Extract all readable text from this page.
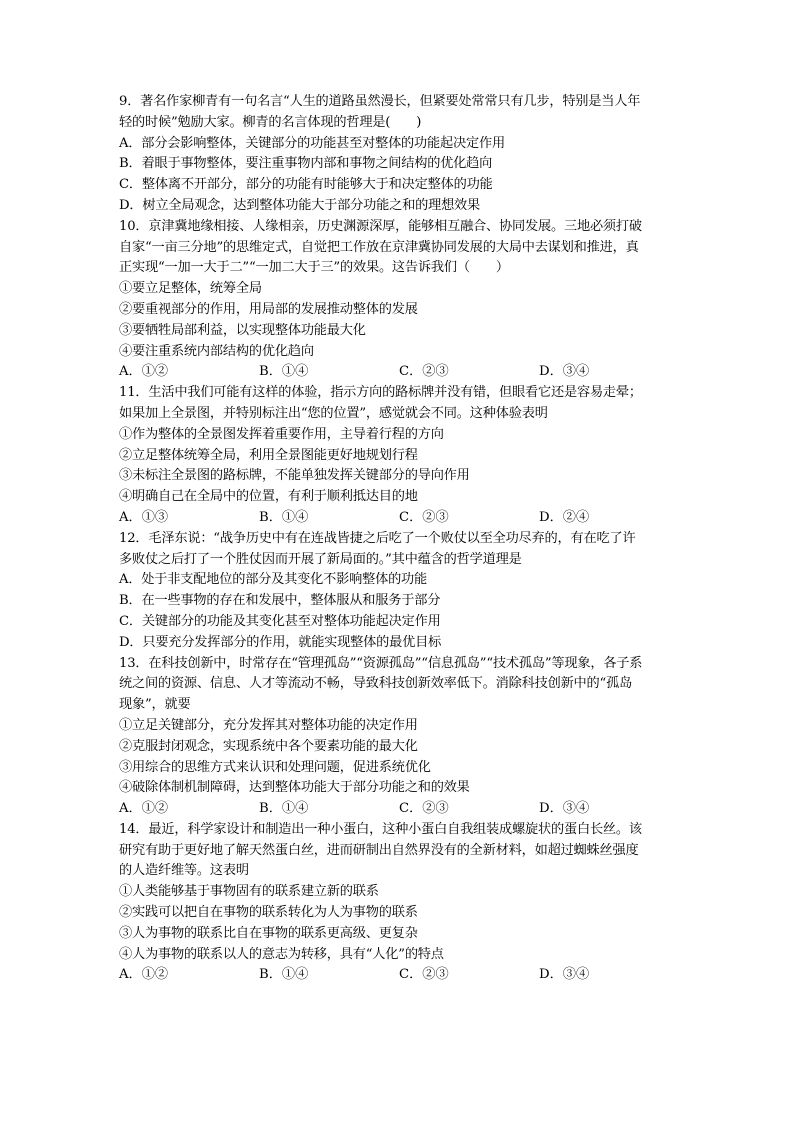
9．著名作家柳青有一句名言“人生的道路虽然漫长，但紧要处常常只有几步，特别是当人年
轻的时候”勉励大家。柳青的名言体现的哲理是(　　)
A．部分会影响整体，关键部分的功能甚至对整体的功能起决定作用
B．着眼于事物整体，要注重事物内部和事物之间结构的优化趋向
C．整体离不开部分，部分的功能有时能够大于和决定整体的功能
D．树立全局观念，达到整体功能大于部分功能之和的理想效果
10．京津冀地缘相接、人缘相亲，历史渊源深厚，能够相互融合、协同发展。三地必须打破
自家“一亩三分地”的思维定式，自觉把工作放在京津冀协同发展的大局中去谋划和推进，真
正实现“一加一大于二”“一加二大于三”的效果。这告诉我们（　　）
①要立足整体，统筹全局
②要重视部分的作用，用局部的发展推动整体的发展
③要牺牲局部利益，以实现整体功能最大化
④要注重系统内部结构的优化趋向
A．①②	B．①④	C．②③	D．③④
11．生活中我们可能有这样的体验，指示方向的路标牌并没有错，但眼看它还是容易走晕；
如果加上全景图，并特别标注出“您的位置”，感觉就会不同。这种体验表明
①作为整体的全景图发挥着重要作用，主导着行程的方向
②立足整体统筹全局，利用全景图能更好地规划行程
③未标注全景图的路标牌，不能单独发挥关键部分的导向作用
④明确自己在全局中的位置，有利于顺利抵达目的地
A．①③	B．①④	C．②③	D．②④
12．毛泽东说：“战争历史中有在连战皆捷之后吃了一个败仗以至全功尽弃的，有在吃了许
多败仗之后打了一个胜仗因而开展了新局面的。”其中蕴含的哲学道理是
A．处于非支配地位的部分及其变化不影响整体的功能
B．在一些事物的存在和发展中，整体服从和服务于部分
C．关键部分的功能及其变化甚至对整体功能起决定作用
D．只要充分发挥部分的作用，就能实现整体的最优目标
13．在科技创新中，时常存在“管理孤岛”“资源孤岛”“信息孤岛”“技术孤岛”等现象，各子系
统之间的资源、信息、人才等流动不畅，导致科技创新效率低下。消除科技创新中的“孤岛
现象”，就要
①立足关键部分，充分发挥其对整体功能的决定作用
②克服封闭观念，实现系统中各个要素功能的最大化
③用综合的思维方式来认识和处理问题，促进系统优化
④破除体制机制障碍，达到整体功能大于部分功能之和的效果
A．①②	B．①④	C．②③	D．③④
14．最近，科学家设计和制造出一种小蛋白，这种小蛋白自我组装成螺旋状的蛋白长丝。该
研究有助于更好地了解天然蛋白丝，进而研制出自然界没有的全新材料，如超过蜘蛛丝强度
的人造纤维等。这表明
①人类能够基于事物固有的联系建立新的联系
②实践可以把自在事物的联系转化为人为事物的联系
③人为事物的联系比自在事物的联系更高级、更复杂
④人为事物的联系以人的意志为转移，具有“人化”的特点
A．①②	B．①④	C．②③	D．③④
